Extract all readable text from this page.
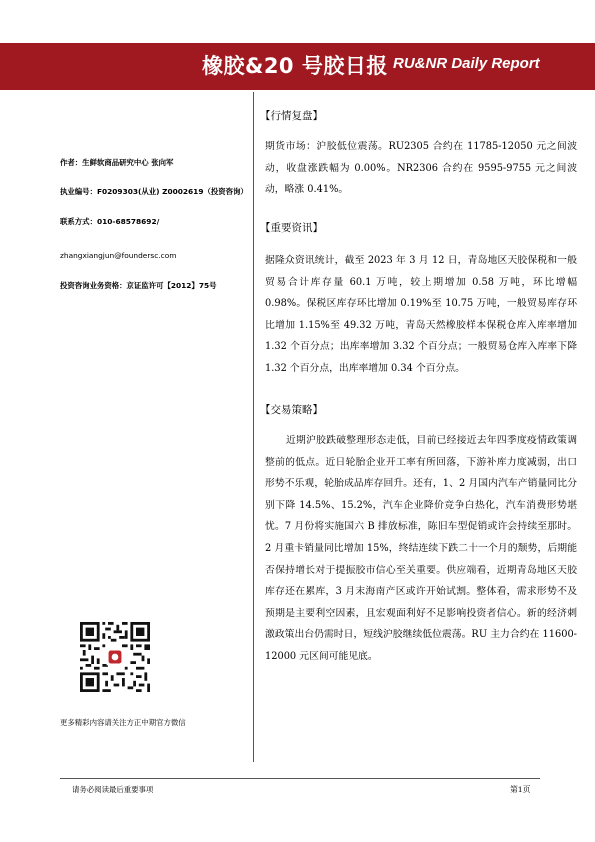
橡胶&20 号胶日报 RU&NR Daily Report
作者：生鲜软商品研究中心 张向军
执业编号：F0209303(从业) Z0002619（投资咨询）
联系方式：010-68578692/
zhangxiangjun@foundersc.com
投资咨询业务资格：京证监许可【2012】75号
更多精彩内容请关注方正中期官方微信
【行情复盘】
期货市场：沪胶低位震荡。RU2305 合约在 11785-12050 元之间波动，收盘涨跌幅为 0.00%。NR2306 合约在 9595-9755 元之间波动，略涨 0.41%。
【重要资讯】
据隆众资讯统计，截至 2023 年 3 月 12 日，青岛地区天胶保税和一般贸易合计库存量 60.1 万吨，较上期增加 0.58 万吨，环比增幅 0.98%。保税区库存环比增加 0.19%至 10.75 万吨，一般贸易库存环比增加 1.15%至 49.32 万吨，青岛天然橡胶样本保税仓库入库率增加 1.32 个百分点；出库率增加 3.32 个百分点；一般贸易仓库入库率下降 1.32 个百分点，出库率增加 0.34 个百分点。
【交易策略】
近期沪胶跌破整理形态走低，目前已经接近去年四季度疫情政策调整前的低点。近日轮胎企业开工率有所回落，下游补库力度减弱，出口形势不乐观，轮胎成品库存回升。还有，1、2 月国内汽车产销量同比分别下降 14.5%、15.2%，汽车企业降价竞争白热化，汽车消费形势堪忧。7 月份将实施国六 B 排放标准，陈旧车型促销或许会持续至那时。2 月重卡销量同比增加 15%，终结连续下跌二十一个月的颓势，后期能否保持增长对于提振胶市信心至关重要。供应端看，近期青岛地区天胶库存还在累库，3 月末海南产区或许开始试割。整体看，需求形势不及预期是主要利空因素，且宏观面利好不足影响投资者信心。新的经济刺激政策出台仍需时日，短线沪胶继续低位震荡。RU 主力合约在 11600-12000 元区间可能见底。
请务必阅读最后重要事项	第1页
